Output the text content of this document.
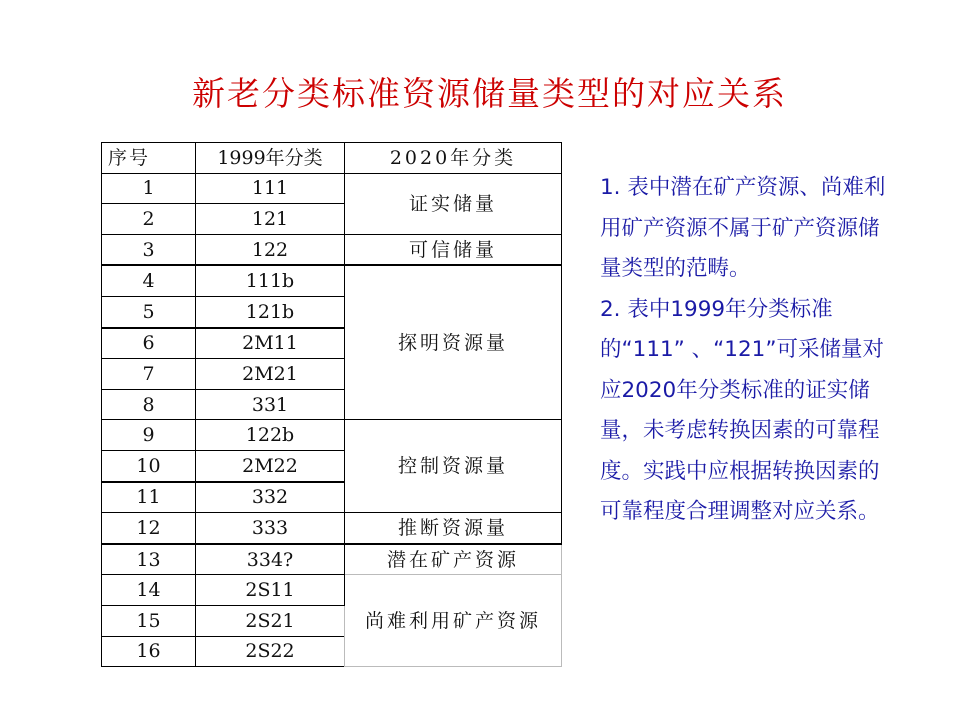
新老分类标准资源储量类型的对应关系
序号	1999年分类	2020年分类
1	111	证实储量
2	121	
3	122	可信储量
4	111b	探明资源量
5	121b	
6	2M11	
7	2M21	
8	331	
9	122b	控制资源量
10	2M22	
11	332	
12	333	推断资源量
13	334?	潜在矿产资源
14	2S11	尚难利用矿产资源
15	2S21	
16	2S22	

1. 表中潜在矿产资源、尚难利用矿产资源不属于矿产资源储量类型的范畴。

2. 表中1999年分类标准的“111” 、“121”可采储量对应2020年分类标准的证实储量，未考虑转换因素的可靠程度。实践中应根据转换因素的可靠程度合理调整对应关系。
